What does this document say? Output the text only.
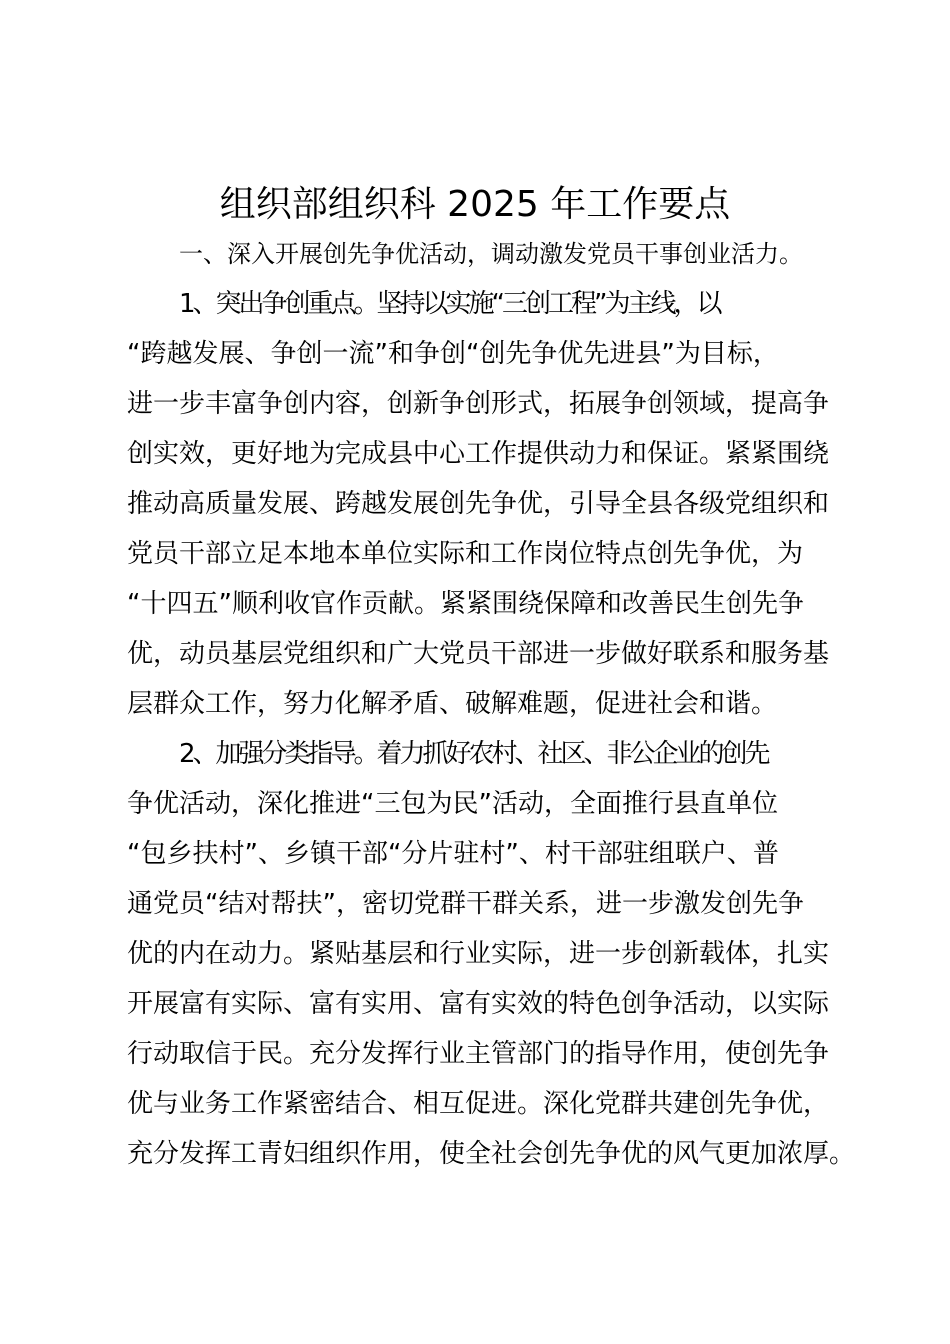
组织部组织科 2025 年工作要点

一、深入开展创先争优活动，调动激发党员干事创业活力。

1、突出争创重点。坚持以实施“三创工程”为主线，以
“跨越发展、争创一流”和争创“创先争优先进县”为目标，
进一步丰富争创内容，创新争创形式，拓展争创领域，提高争
创实效，更好地为完成县中心工作提供动力和保证。紧紧围绕
推动高质量发展、跨越发展创先争优，引导全县各级党组织和
党员干部立足本地本单位实际和工作岗位特点创先争优，为
“十四五”顺利收官作贡献。紧紧围绕保障和改善民生创先争
优，动员基层党组织和广大党员干部进一步做好联系和服务基
层群众工作，努力化解矛盾、破解难题，促进社会和谐。

2、加强分类指导。着力抓好农村、社区、非公企业的创先
争优活动，深化推进“三包为民”活动，全面推行县直单位
“包乡扶村”、乡镇干部“分片驻村”、村干部驻组联户、普
通党员“结对帮扶”，密切党群干群关系，进一步激发创先争
优的内在动力。紧贴基层和行业实际，进一步创新载体，扎实
开展富有实际、富有实用、富有实效的特色创争活动，以实际
行动取信于民。充分发挥行业主管部门的指导作用，使创先争
优与业务工作紧密结合、相互促进。深化党群共建创先争优，
充分发挥工青妇组织作用，使全社会创先争优的风气更加浓厚。
